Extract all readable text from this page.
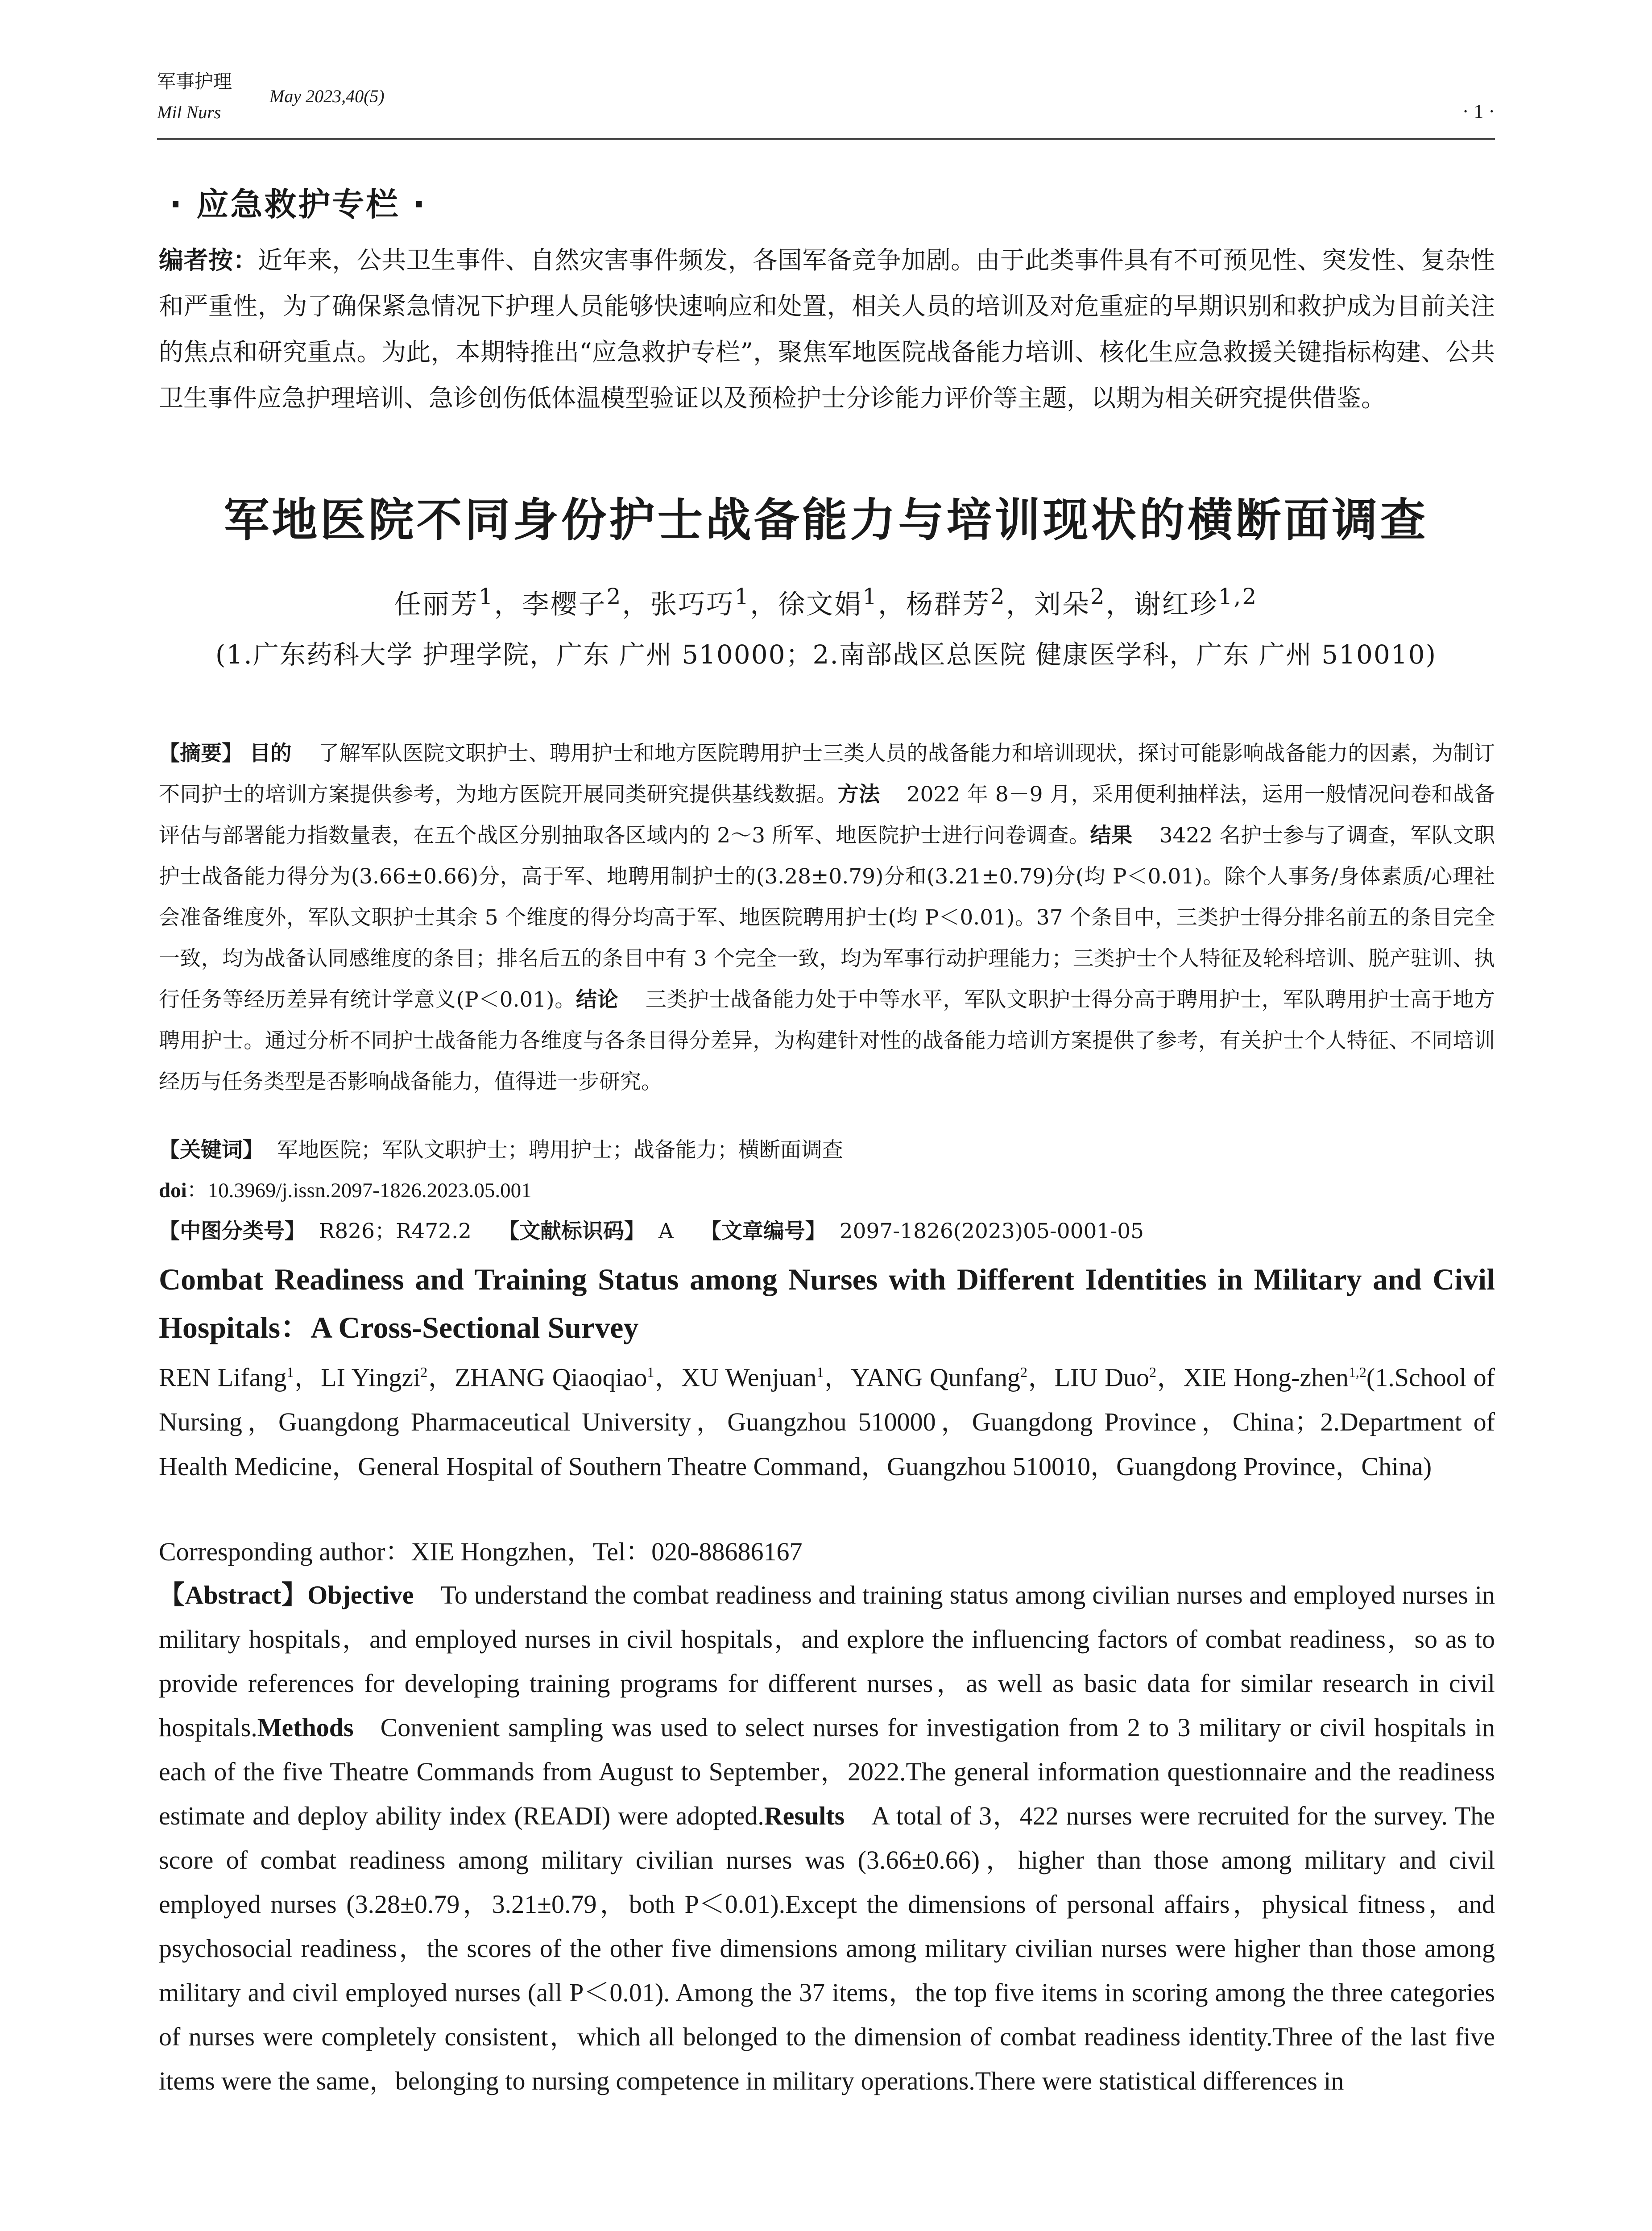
军事护理
Mil Nurs
May 2023,40(5)
· 1 ·
· 应急救护专栏 ·
编者按：近年来，公共卫生事件、自然灾害事件频发，各国军备竞争加剧。由于此类事件具有不可预见性、突发性、复杂性和严重性，为了确保紧急情况下护理人员能够快速响应和处置，相关人员的培训及对危重症的早期识别和救护成为目前关注的焦点和研究重点。为此，本期特推出“应急救护专栏”，聚焦军地医院战备能力培训、核化生应急救援关键指标构建、公共卫生事件应急护理培训、急诊创伤低体温模型验证以及预检护士分诊能力评价等主题，以期为相关研究提供借鉴。
军地医院不同身份护士战备能力与培训现状的横断面调查
任丽芳$^1$，李樱子$^2$，张巧巧$^1$，徐文娟$^1$，杨群芳$^2$，刘朵$^2$，谢红珍$^{1,2}$
(1.广东药科大学 护理学院，广东 广州 510000；2.南部战区总医院 健康医学科，广东 广州 510010)
【摘要】 目的 了解军队医院文职护士、聘用护士和地方医院聘用护士三类人员的战备能力和培训现状，探讨可能影响战备能力的因素，为制订不同护士的培训方案提供参考，为地方医院开展同类研究提供基线数据。方法 2022 年 8－9 月，采用便利抽样法，运用一般情况问卷和战备评估与部署能力指数量表，在五个战区分别抽取各区域内的 2～3 所军、地医院护士进行问卷调查。结果 3422 名护士参与了调查，军队文职护士战备能力得分为(3.66±0.66)分，高于军、地聘用制护士的(3.28±0.79)分和(3.21±0.79)分(均 P＜0.01)。除个人事务/身体素质/心理社会准备维度外，军队文职护士其余 5 个维度的得分均高于军、地医院聘用护士(均 P＜0.01)。37 个条目中，三类护士得分排名前五的条目完全一致，均为战备认同感维度的条目；排名后五的条目中有 3 个完全一致，均为军事行动护理能力；三类护士个人特征及轮科培训、脱产驻训、执行任务等经历差异有统计学意义(P＜0.01)。结论 三类护士战备能力处于中等水平，军队文职护士得分高于聘用护士，军队聘用护士高于地方聘用护士。通过分析不同护士战备能力各维度与各条目得分差异，为构建针对性的战备能力培训方案提供了参考，有关护士个人特征、不同培训经历与任务类型是否影响战备能力，值得进一步研究。
【关键词】 军地医院；军队文职护士；聘用护士；战备能力；横断面调查
doi：10.3969/j.issn.2097-1826.2023.05.001
【中图分类号】 R826；R472.2 【文献标识码】 A 【文章编号】 2097-1826(2023)05-0001-05
Combat Readiness and Training Status among Nurses with Different Identities in Military and Civil Hospitals：A Cross-Sectional Survey
REN Lifang$^1$，LI Yingzi$^2$，ZHANG Qiaoqiao$^1$，XU Wenjuan$^1$，YANG Qunfang$^2$，LIU Duo$^2$，XIE Hong-zhen$^{1,2}$(1.School of Nursing，Guangdong Pharmaceutical University，Guangzhou 510000，Guangdong Province，China；2.Department of Health Medicine，General Hospital of Southern Theatre Command，Guangzhou 510010，Guangdong Province，China)
Corresponding author：XIE Hongzhen，Tel：020-88686167
【Abstract】Objective To understand the combat readiness and training status among civilian nurses and employed nurses in military hospitals，and employed nurses in civil hospitals，and explore the influencing factors of combat readiness，so as to provide references for developing training programs for different nurses，as well as basic data for similar research in civil hospitals.Methods Convenient sampling was used to select nurses for investigation from 2 to 3 military or civil hospitals in each of the five Theatre Commands from August to September，2022.The general information questionnaire and the readiness estimate and deploy ability index (READI) were adopted.Results A total of 3，422 nurses were recruited for the survey. The score of combat readiness among military civilian nurses was (3.66±0.66)，higher than those among military and civil employed nurses (3.28±0.79，3.21±0.79，both P＜0.01).Except the dimensions of personal affairs，physical fitness，and psychosocial readiness，the scores of the other five dimensions among military civilian nurses were higher than those among military and civil employed nurses (all P＜0.01). Among the 37 items，the top five items in scoring among the three categories of nurses were completely consistent，which all belonged to the dimension of combat readiness identity.Three of the last five items were the same，belonging to nursing competence in military operations.There were statistical differences in
